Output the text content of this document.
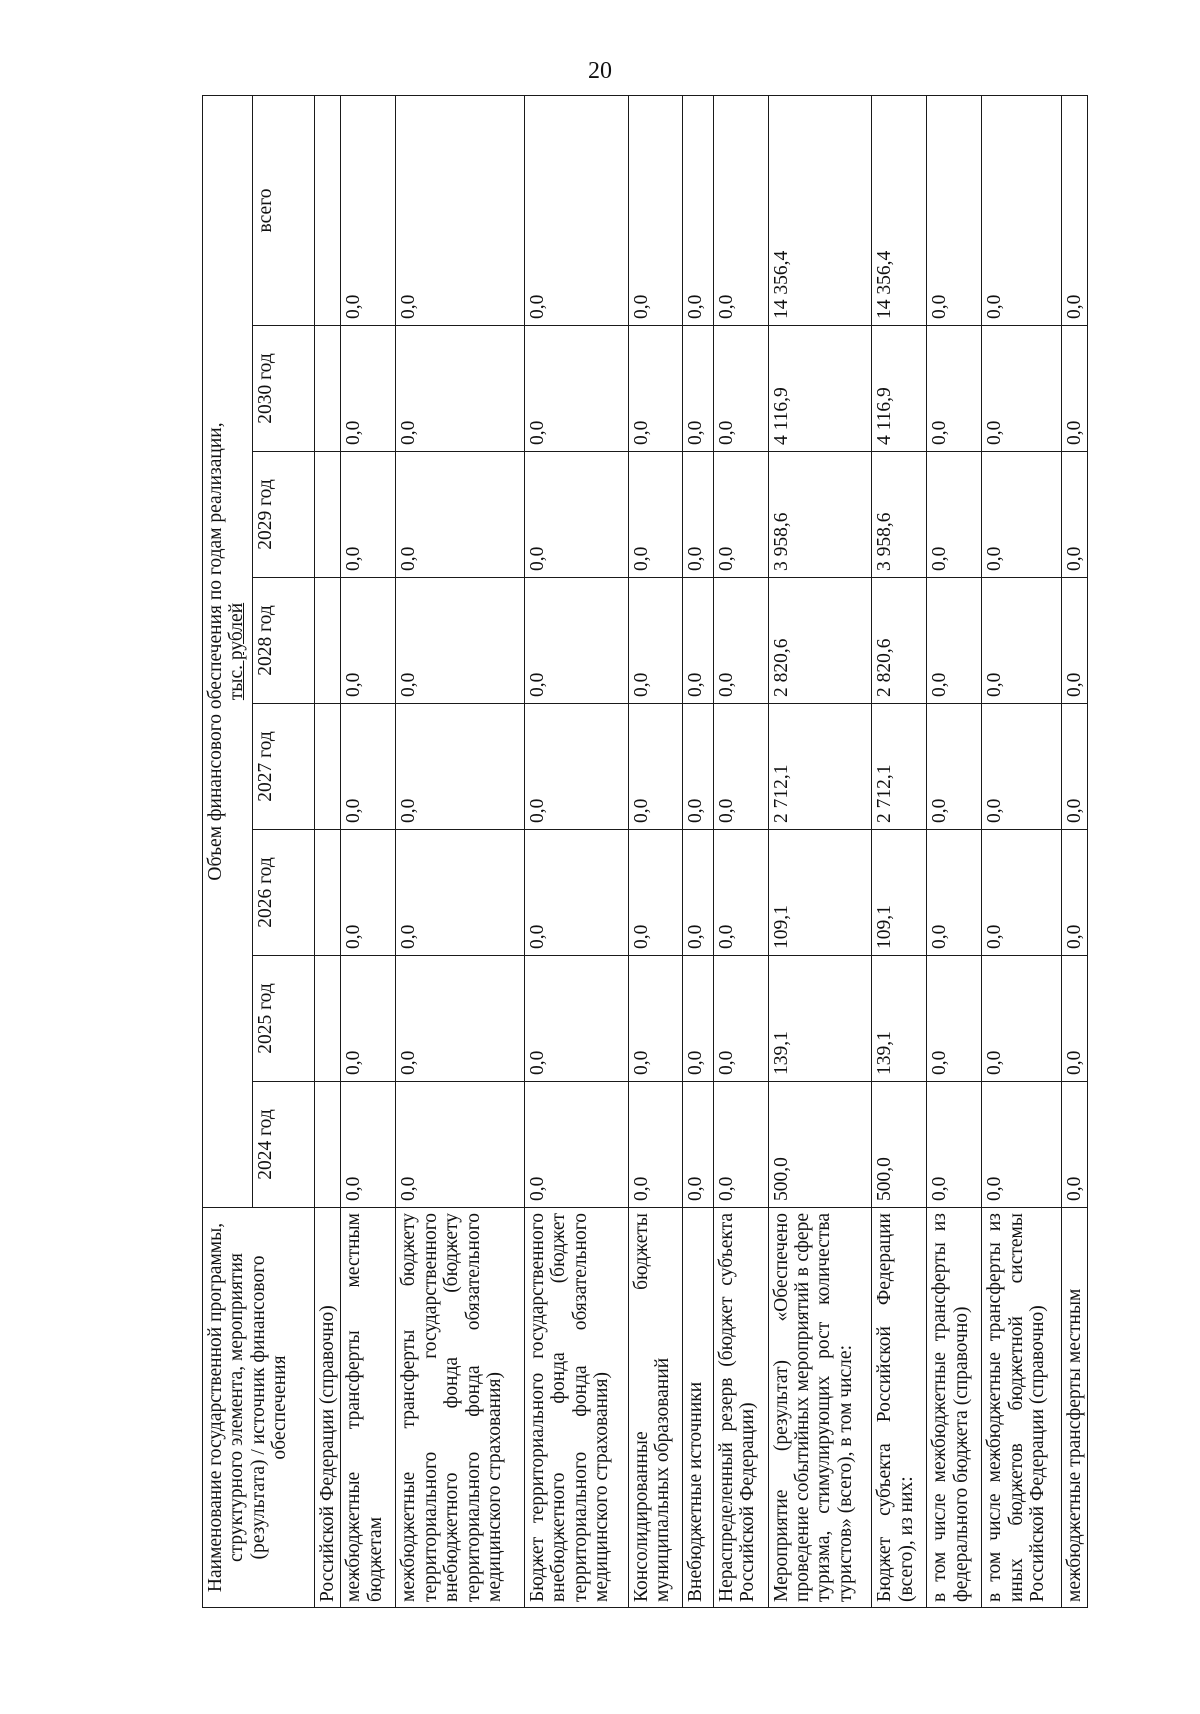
20
Наименование государственной программы, структурного элемента, мероприятия (результата) / источник финансового обеспечения	Объем финансового обеспечения по годам реализации, тыс. рублей							

	2024 год	2025 год	2026 год	2027 год	2028 год	2029 год	2030 год	всего
Российской Федерации (справочно)								
межбюджетные трансферты местным бюджетам	0,0	0,0	0,0	0,0	0,0	0,0	0,0	0,0
межбюджетные трансферты бюджету территориального государственного внебюджетного фонда (бюджету территориального фонда обязательного медицинского страхования)	0,0	0,0	0,0	0,0	0,0	0,0	0,0	0,0
Бюджет территориального государственного внебюджетного фонда (бюджет территориального фонда обязательного медицинского страхования)	0,0	0,0	0,0	0,0	0,0	0,0	0,0	0,0
Консолидированные бюджеты муниципальных образований	0,0	0,0	0,0	0,0	0,0	0,0	0,0	0,0
Внебюджетные источники	0,0	0,0	0,0	0,0	0,0	0,0	0,0	0,0
Нераспределенный резерв (бюджет субъекта Российской Федерации)	0,0	0,0	0,0	0,0	0,0	0,0	0,0	0,0
Мероприятие (результат) «Обеспечено проведение событийных мероприятий в сфере туризма, стимулирующих рост количества туристов» (всего), в том числе:	500,0	139,1	109,1	2 712,1	2 820,6	3 958,6	4 116,9	14 356,4
Бюджет субъекта Российской Федерации (всего), из них:	500,0	139,1	109,1	2 712,1	2 820,6	3 958,6	4 116,9	14 356,4
в том числе межбюджетные трансферты из федерального бюджета (справочно)	0,0	0,0	0,0	0,0	0,0	0,0	0,0	0,0
в том числе межбюджетные трансферты из иных бюджетов бюджетной системы Российской Федерации (справочно)	0,0	0,0	0,0	0,0	0,0	0,0	0,0	0,0
межбюджетные трансферты местным	0,0	0,0	0,0	0,0	0,0	0,0	0,0	0,0
